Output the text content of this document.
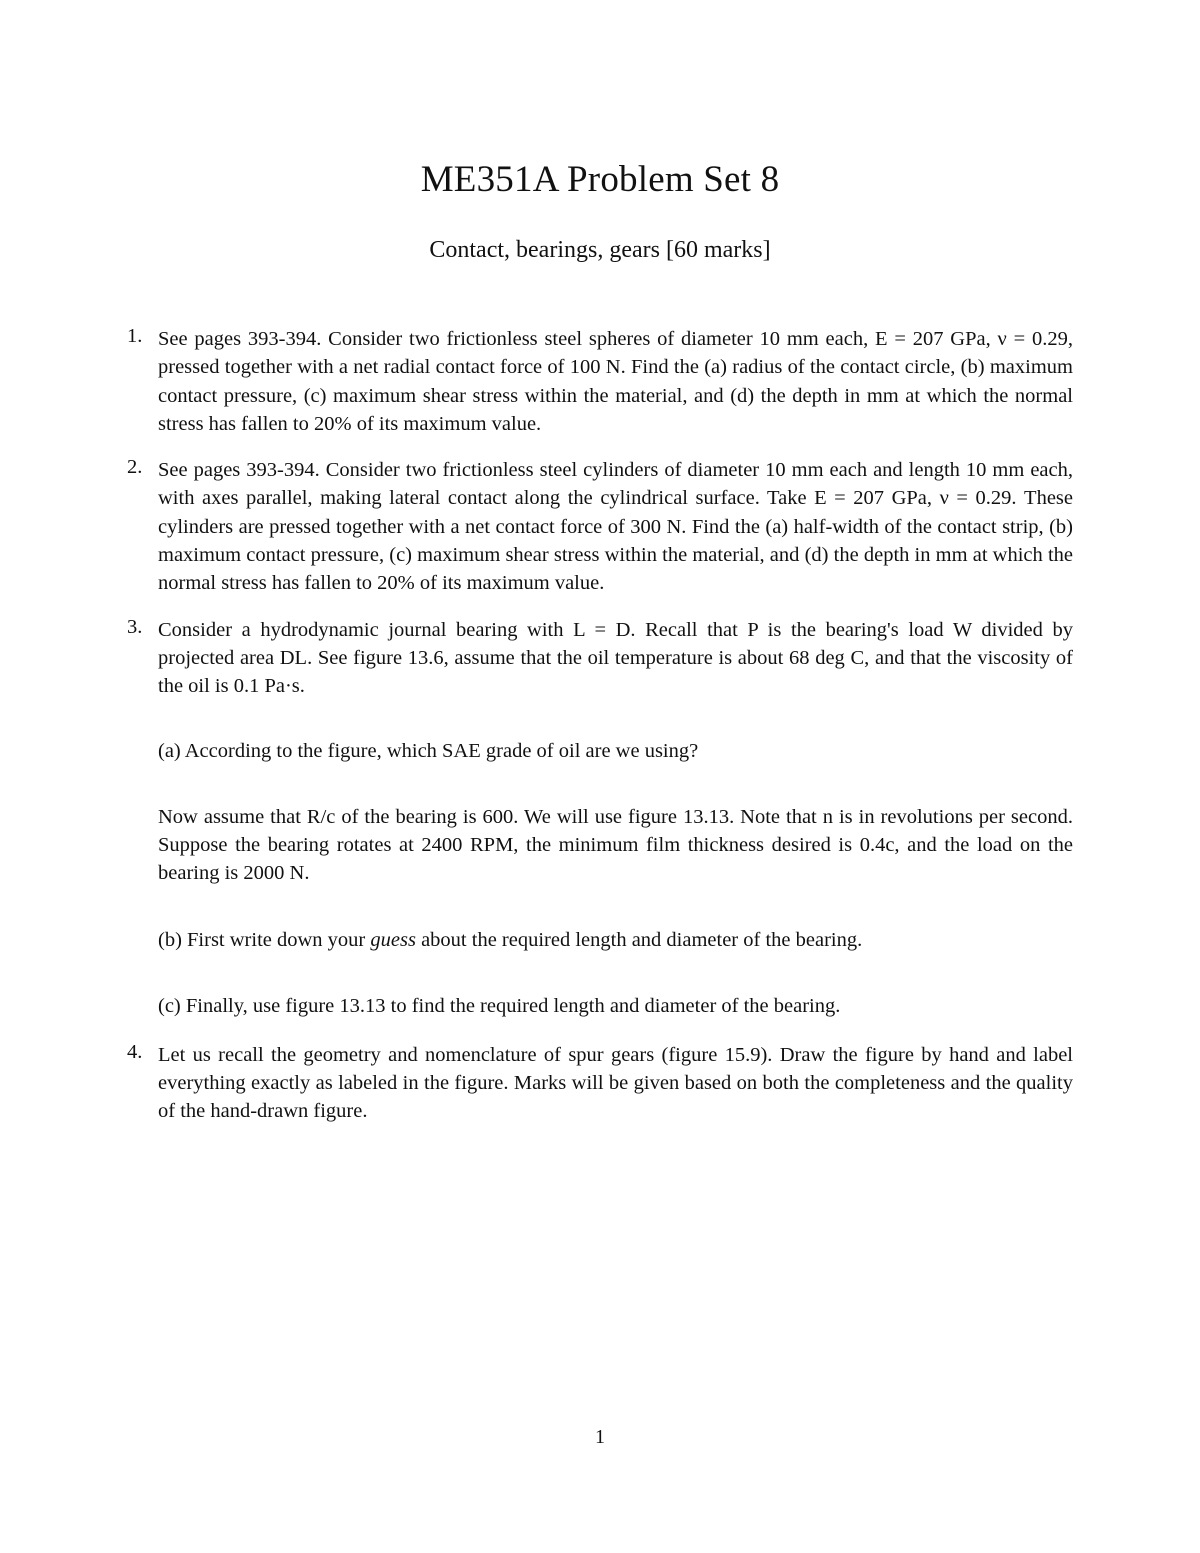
ME351A Problem Set 8
Contact, bearings, gears [60 marks]
1. See pages 393-394. Consider two frictionless steel spheres of diameter 10 mm each, E = 207 GPa, ν = 0.29, pressed together with a net radial contact force of 100 N. Find the (a) radius of the contact circle, (b) maximum contact pressure, (c) maximum shear stress within the material, and (d) the depth in mm at which the normal stress has fallen to 20% of its maximum value.

2. See pages 393-394. Consider two frictionless steel cylinders of diameter 10 mm each and length 10 mm each, with axes parallel, making lateral contact along the cylindrical surface. Take E = 207 GPa, ν = 0.29. These cylinders are pressed together with a net contact force of 300 N. Find the (a) half-width of the contact strip, (b) maximum contact pressure, (c) maximum shear stress within the material, and (d) the depth in mm at which the normal stress has fallen to 20% of its maximum value.

3. Consider a hydrodynamic journal bearing with L = D. Recall that P is the bearing's load W divided by projected area DL. See figure 13.6, assume that the oil temperature is about 68 deg C, and that the viscosity of the oil is 0.1 Pa·s.

(a) According to the figure, which SAE grade of oil are we using?

Now assume that R/c of the bearing is 600. We will use figure 13.13. Note that n is in revolutions per second. Suppose the bearing rotates at 2400 RPM, the minimum film thickness desired is 0.4c, and the load on the bearing is 2000 N.

(b) First write down your guess about the required length and diameter of the bearing.

(c) Finally, use figure 13.13 to find the required length and diameter of the bearing.

4. Let us recall the geometry and nomenclature of spur gears (figure 15.9). Draw the figure by hand and label everything exactly as labeled in the figure. Marks will be given based on both the completeness and the quality of the hand-drawn figure.

1
